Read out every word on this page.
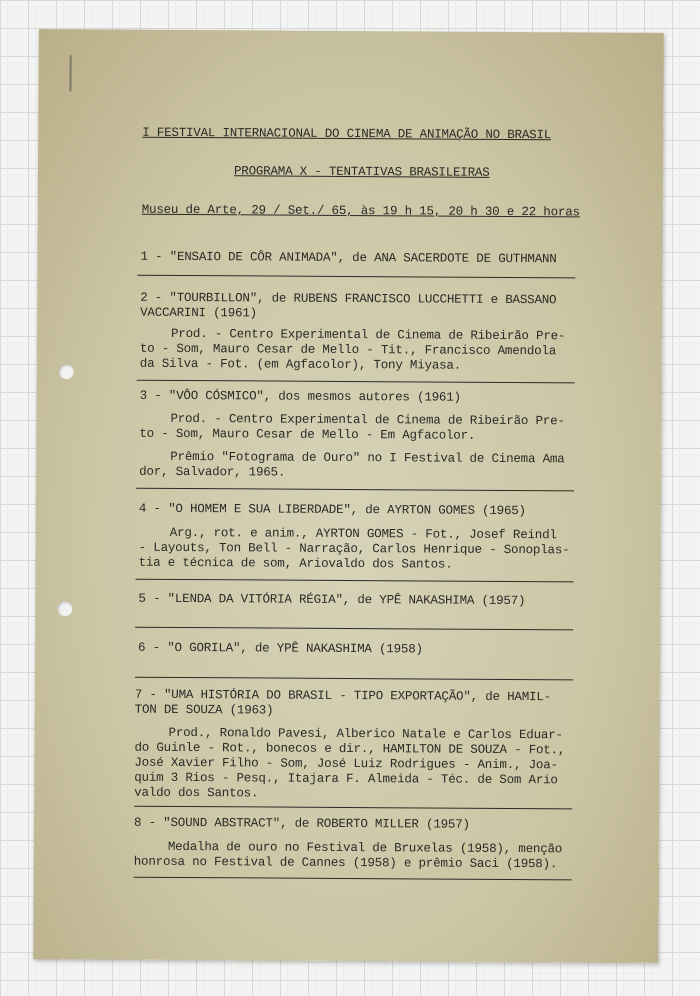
I FESTIVAL INTERNACIONAL DO CINEMA DE ANIMAÇÃO NO BRASIL
PROGRAMA X - TENTATIVAS BRASILEIRAS
Museu de Arte, 29 / Set./ 65, às 19 h 15, 20 h 30 e 22 horas
1 - "ENSAIO DE CÔR ANIMADA", de ANA SACERDOTE DE GUTHMANN
2 - "TOURBILLON", de RUBENS FRANCISCO LUCCHETTI e BASSANO
VACCARINI (1961)
Prod. - Centro Experimental de Cinema de Ribeirão Pre-
to - Som, Mauro Cesar de Mello - Tit., Francisco Amendola
da Silva - Fot. (em Agfacolor), Tony Miyasa.
3 - "VÔO CÓSMICO", dos mesmos autores (1961)
Prod. - Centro Experimental de Cinema de Ribeirão Pre-
to - Som, Mauro Cesar de Mello - Em Agfacolor.
Prêmio "Fotograma de Ouro" no I Festival de Cinema Ama
dor, Salvador, 1965.
4 - "O HOMEM E SUA LIBERDADE", de AYRTON GOMES (1965)
Arg., rot. e anim., AYRTON GOMES - Fot., Josef Reindl
- Layouts, Ton Bell - Narração, Carlos Henrique - Sonoplas-
tia e técnica de som, Ariovaldo dos Santos.
5 - "LENDA DA VITÓRIA RÉGIA", de YPÊ NAKASHIMA (1957)
6 - "O GORILA", de YPÊ NAKASHIMA (1958)
7 - "UMA HISTÓRIA DO BRASIL - TIPO EXPORTAÇÃO", de HAMIL-
TON DE SOUZA (1963)
Prod., Ronaldo Pavesi, Alberico Natale e Carlos Eduar-
do Guinle - Rot., bonecos e dir., HAMILTON DE SOUZA - Fot.,
José Xavier Filho - Som, José Luiz Rodrigues - Anim., Joa-
quim 3 Rios - Pesq., Itajara F. Almeida - Téc. de Som Ario
valdo dos Santos.
8 - "SOUND ABSTRACT", de ROBERTO MILLER (1957)
Medalha de ouro no Festival de Bruxelas (1958), menção
honrosa no Festival de Cannes (1958) e prêmio Saci (1958).
